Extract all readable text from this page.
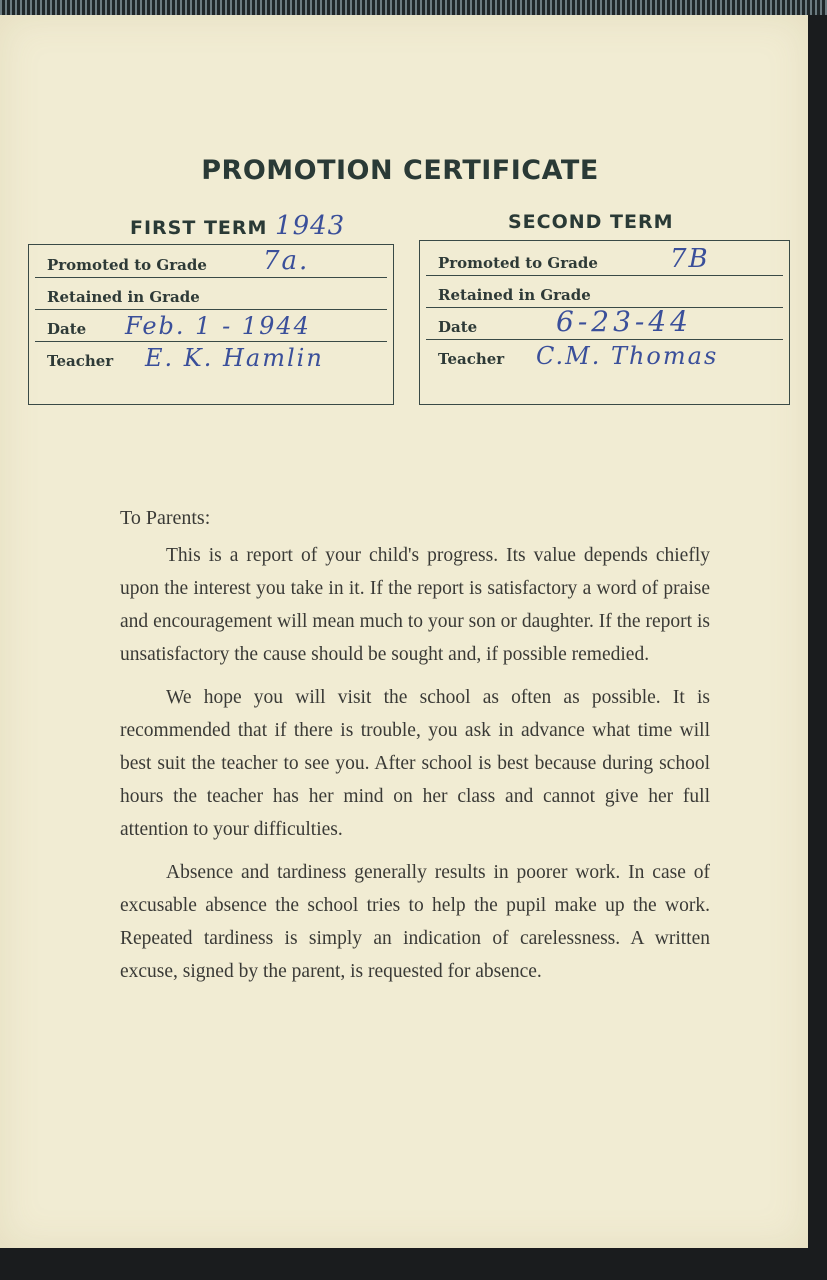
PROMOTION CERTIFICATE
FIRST TERM 1943	SECOND TERM
Promoted to Grade 7a.
Retained in Grade
Date Feb. 1 - 1944
Teacher E. K. Hamlin
Promoted to Grade	7B
Retained in Grade
Date	6-23-44
Teacher C.M. Thomas
To Parents:

This is a report of your child's progress. Its value depends chiefly upon the interest you take in it. If the report is satisfactory a word of praise and encouragement will mean much to your son or daughter. If the report is unsatisfactory the cause should be sought and, if possible remedied.

We hope you will visit the school as often as possible. It is recommended that if there is trouble, you ask in advance what time will best suit the teacher to see you. After school is best because during school hours the teacher has her mind on her class and cannot give her full attention to your difficulties.

Absence and tardiness generally results in poorer work. In case of excusable absence the school tries to help the pupil make up the work. Repeated tardiness is simply an indication of carelessness. A written excuse, signed by the parent, is requested for absence.
